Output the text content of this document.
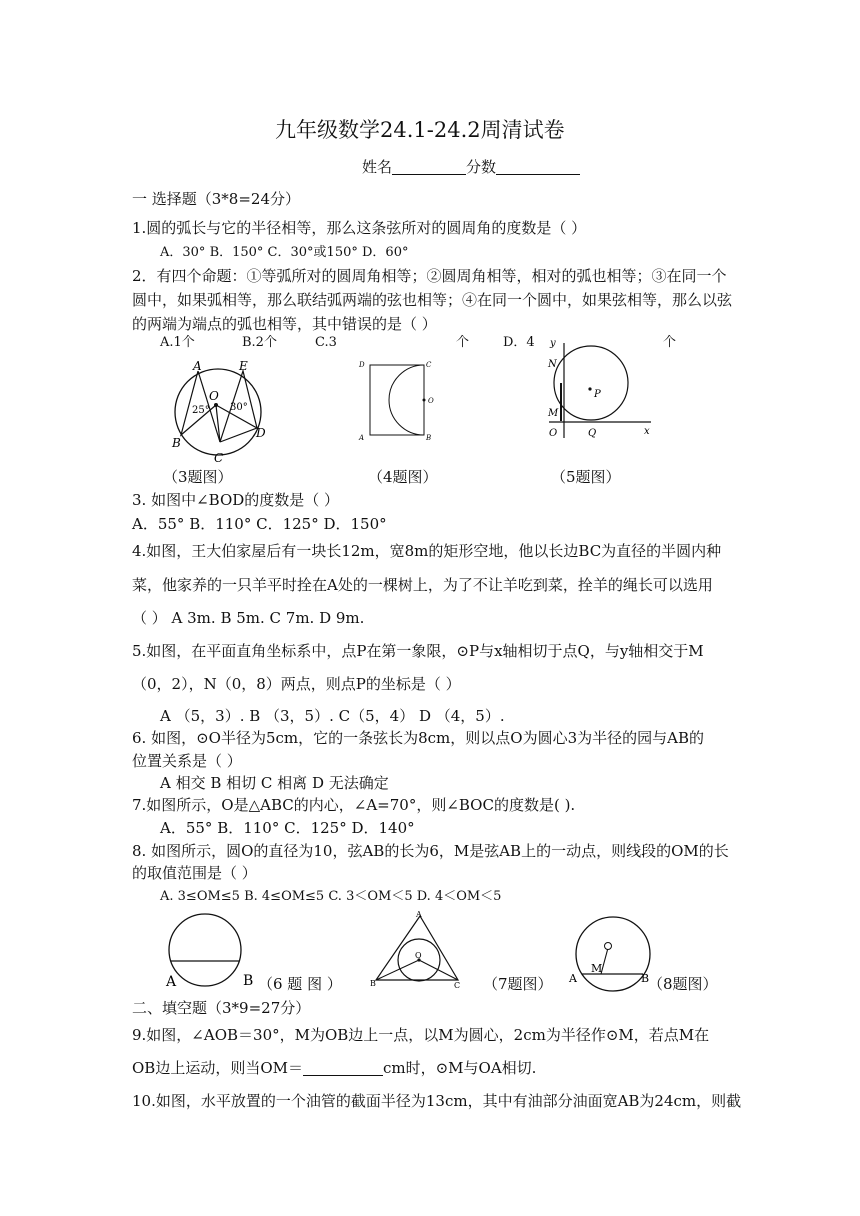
九年级数学24.1-24.2周清试卷
姓名	分数
一 选择题（3*8=24分）
1.圆的弧长与它的半径相等，那么这条弦所对的圆周角的度数是（ ）
A．30° B．150° C．30°或150° D．60°
2．有四个命题：①等弧所对的圆周角相等；②圆周角相等，相对的弧也相等；③在同一个
圆中，如果弧相等，那么联结弧两端的弦也相等；④在同一个圆中，如果弦相等，那么以弦
的两端为端点的弧也相等，其中错误的是（ ）
A.1个	B.2个	C.3	个	D．4	个
A	E
O
25° 30°
B
C
D
D	C
O
A	B
y
x
N
M
O	Q
P
（3题图）	（4题图）	（5题图）
3. 如图中∠BOD的度数是（ ）
A．55° B．110° C．125° D．150°
4.如图，王大伯家屋后有一块长12m，宽8m的矩形空地，他以长边BC为直径的半圆内种
菜，他家养的一只羊平时拴在A处的一棵树上，为了不让羊吃到菜，拴羊的绳长可以选用
（ ） A 3m. B 5m. C 7m. D 9m.
5.如图，在平面直角坐标系中，点P在第一象限，⊙P与x轴相切于点Q，与y轴相交于M
（0，2），N（0，8）两点，则点P的坐标是（ ）
A （5，3）. B （3，5）. C（5，4） D （4，5）.
6. 如图，⊙O半径为5cm，它的一条弦长为8cm，则以点O为圆心3为半径的园与AB的
位置关系是（ ）
A 相交 B 相切 C 相离 D 无法确定
7.如图所示，O是△ABC的内心，∠A=70°，则∠BOC的度数是( ).
A．55° B．110° C．125° D．140°
8. 如图所示，圆O的直径为10，弦AB的长为6，M是弦AB上的一动点，则线段的OM的长
的取值范围是（ ）
A. 3≤OM≤5 B. 4≤OM≤5 C. 3＜OM＜5 D. 4＜OM＜5
A	B （6 题 图 ）
A
O
B	C （7题图） A
M
B
（8题图）
二、填空题（3*9=27分）
9.如图，∠AOB＝30°，M为OB边上一点，以M为圆心，2cm为半径作⊙M，若点M在
OB边上运动，则当OM＝	cm时，⊙M与OA相切.
10.如图，水平放置的一个油管的截面半径为13cm，其中有油部分油面宽AB为24cm，则截
